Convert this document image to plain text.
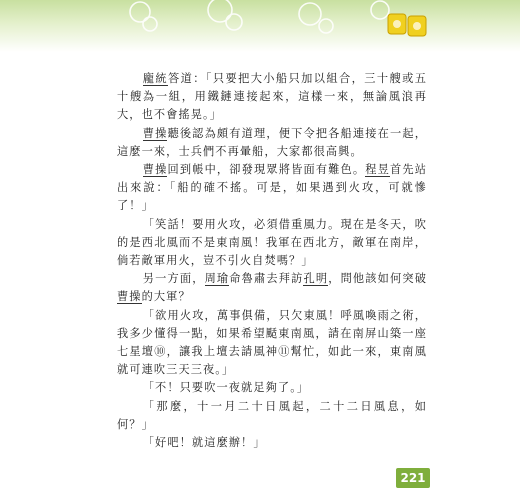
龐統答道：「只要把大小船只加以組合，三十艘或五十艘為一組，用鐵鏈連接起來，這樣一來，無論風浪再大，也不會搖晃。」

曹操聽後認為頗有道理，便下令把各船連接在一起，這麼一來，士兵們不再暈船，大家都很高興。

曹操回到帳中，卻發現眾將皆面有難色。程昱首先站出來說：「船的確不搖。可是，如果遇到火攻，可就慘了！」

「笑話！要用火攻，必須借重風力。現在是冬天，吹的是西北風而不是東南風！我軍在西北方，敵軍在南岸，倘若敵軍用火，豈不引火自焚嗎？」

另一方面，周瑜命魯肅去拜訪孔明，問他該如何突破曹操的大軍？

「欲用火攻，萬事俱備，只欠東風！呼風喚雨之術，我多少懂得一點，如果希望颳東南風，請在南屏山築一座七星壇⑩，讓我上壇去請風神⑪幫忙，如此一來，東南風就可連吹三天三夜。」

「不！只要吹一夜就足夠了。」

「那麼，十一月二十日風起，二十二日風息，如何？」

「好吧！就這麼辦！」

221
